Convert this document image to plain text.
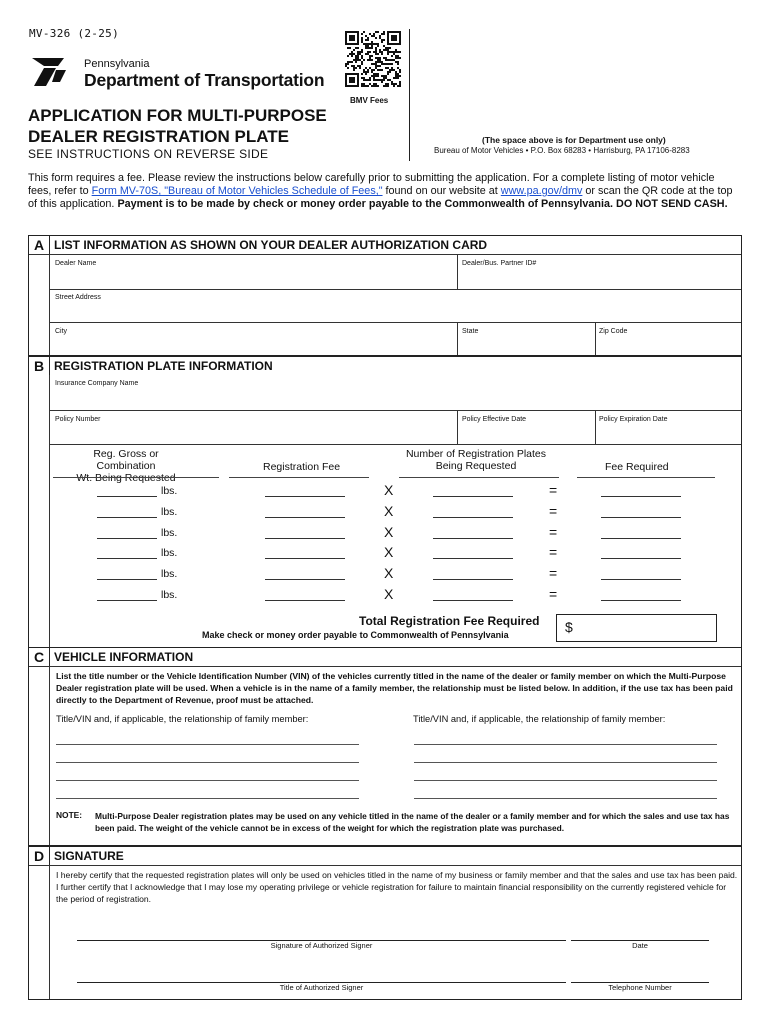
MV-326 (2-25)
Pennsylvania
Department of Transportation
BMV Fees
APPLICATION FOR MULTI-PURPOSE
DEALER REGISTRATION PLATE
SEE INSTRUCTIONS ON REVERSE SIDE
(The space above is for Department use only)
Bureau of Motor Vehicles • P.O. Box 68283 • Harrisburg, PA 17106-8283
This form requires a fee. Please review the instructions below carefully prior to submitting the application. For a complete listing of motor vehicle fees, refer to Form MV-70S, "Bureau of Motor Vehicles Schedule of Fees," found on our website at www.pa.gov/dmv or scan the QR code at the top of this application. Payment is to be made by check or money order payable to the Commonwealth of Pennsylvania. DO NOT SEND CASH.
A LIST INFORMATION AS SHOWN ON YOUR DEALER AUTHORIZATION CARD
Dealer Name	Dealer/Bus. Partner ID#
Street Address
City	State	Zip Code
B REGISTRATION PLATE INFORMATION
Insurance Company Name
Policy Number	Policy Effective Date	Policy Expiration Date
Reg. Gross or Combination
Wt. Being Requested
Registration Fee
Number of Registration Plates
Being Requested	Fee Required
lbs.	X	=
lbs.	X	=
lbs.	X	=
lbs.	X	=
lbs.	X	=
lbs.	X	=
Total Registration Fee Required
Make check or money order payable to Commonwealth of Pennsylvania	$
C VEHICLE INFORMATION
List the title number or the Vehicle Identification Number (VIN) of the vehicles currently titled in the name of the dealer or family member on which the Multi-Purpose Dealer registration plate will be used. When a vehicle is in the name of a family member, the relationship must be listed below. In addition, if the use tax has been paid directly to the Department of Revenue, proof must be attached.
Title/VIN and, if applicable, the relationship of family member:	Title/VIN and, if applicable, the relationship of family member:
NOTE: Multi-Purpose Dealer registration plates may be used on any vehicle titled in the name of the dealer or a family member and for which the sales and use tax has been paid. The weight of the vehicle cannot be in excess of the weight for which the registration plate was purchased.
D SIGNATURE
I hereby certify that the requested registration plates will only be used on vehicles titled in the name of my business or family member and that the sales and use tax has been paid. I further certify that I acknowledge that I may lose my operating privilege or vehicle registration for failure to maintain financial responsibility on the currently registered vehicle for the period of registration.
Signature of Authorized Signer	Date
Title of Authorized Signer	Telephone Number
